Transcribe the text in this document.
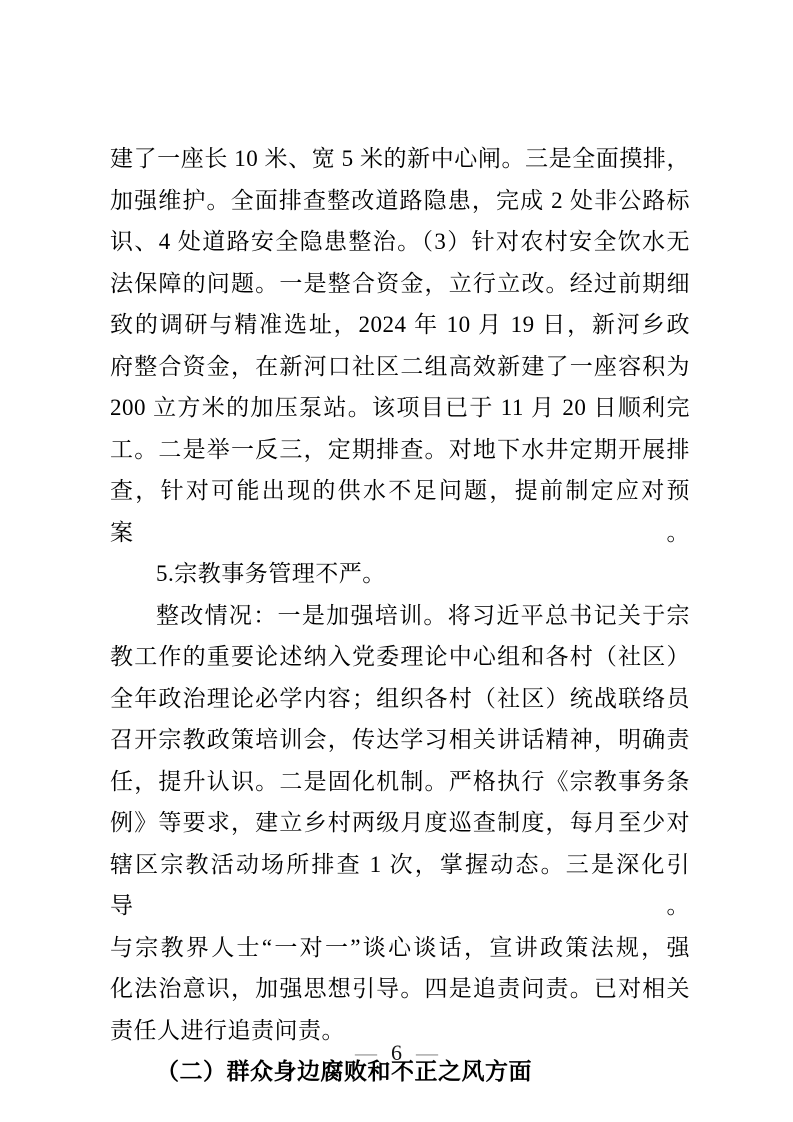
建了一座长 10 米、宽 5 米的新中心闸。三是全面摸排，
加强维护。全面排查整改道路隐患，完成 2 处非公路标
识、4 处道路安全隐患整治。（3）针对农村安全饮水无
法保障的问题。一是整合资金，立行立改。经过前期细
致的调研与精准选址，2024 年 10 月 19 日，新河乡政
府整合资金，在新河口社区二组高效新建了一座容积为
200 立方米的加压泵站。该项目已于 11 月 20 日顺利完
工。二是举一反三，定期排查。对地下水井定期开展排
查，针对可能出现的供水不足问题，提前制定应对预案。
5.宗教事务管理不严。
整改情况：一是加强培训。将习近平总书记关于宗
教工作的重要论述纳入党委理论中心组和各村（社区）
全年政治理论必学内容；组织各村（社区）统战联络员
召开宗教政策培训会，传达学习相关讲话精神，明确责
任，提升认识。二是固化机制。严格执行《宗教事务条
例》等要求，建立乡村两级月度巡查制度，每月至少对
辖区宗教活动场所排查 1 次，掌握动态。三是深化引导。
与宗教界人士“一对一”谈心谈话，宣讲政策法规，强
化法治意识，加强思想引导。四是追责问责。已对相关
责任人进行追责问责。
（二）群众身边腐败和不正之风方面
— 6 —
